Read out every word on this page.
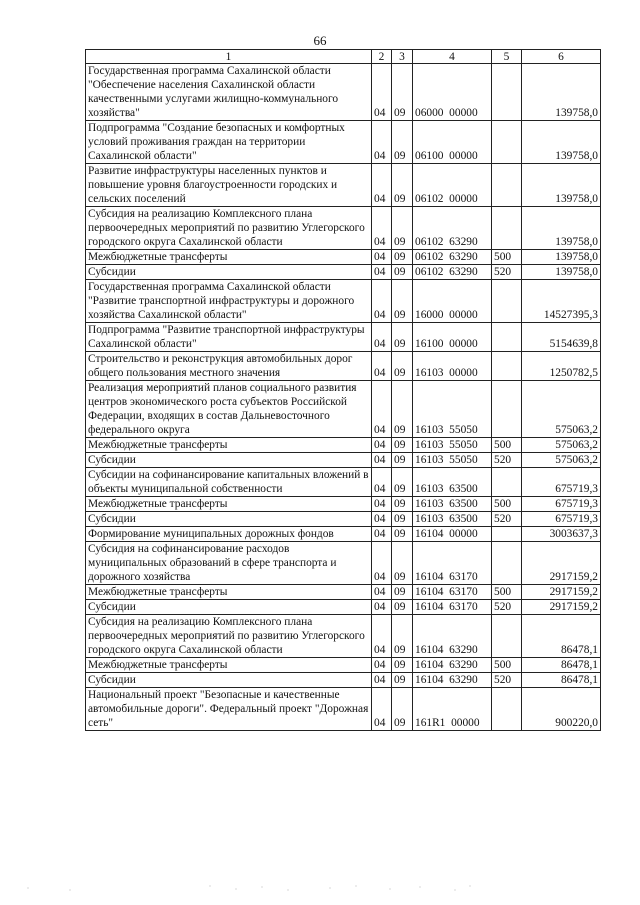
66
1	2	3	4	5	6
Государственная программа Сахалинской области "Обеспечение населения Сахалинской области качественными услугами жилищно-коммунального хозяйства"	04	09	06000  00000		139758,0
Подпрограмма "Создание безопасных и комфортных условий проживания граждан на территории Сахалинской области"	04	09	06100  00000		139758,0
Развитие инфраструктуры населенных пунктов и повышение уровня благоустроенности городских и сельских поселений	04	09	06102  00000		139758,0
Субсидия на реализацию Комплексного плана первоочередных мероприятий по развитию Углегорского городского округа Сахалинской области	04	09	06102  63290		139758,0
Межбюджетные трансферты	04	09	06102  63290	500	139758,0
Субсидии	04	09	06102  63290	520	139758,0
Государственная программа Сахалинской области "Развитие транспортной инфраструктуры и дорожного хозяйства Сахалинской области"	04	09	16000  00000		14527395,3
Подпрограмма "Развитие транспортной инфраструктуры Сахалинской области"	04	09	16100  00000		5154639,8
Строительство и реконструкция автомобильных дорог общего пользования местного значения	04	09	16103  00000		1250782,5
Реализация мероприятий планов социального развития центров экономического роста субъектов Российской Федерации, входящих в состав Дальневосточного федерального округа	04	09	16103  55050		575063,2
Межбюджетные трансферты	04	09	16103  55050	500	575063,2
Субсидии	04	09	16103  55050	520	575063,2
Субсидии на софинансирование капитальных вложений в объекты муниципальной собственности	04	09	16103  63500		675719,3
Межбюджетные трансферты	04	09	16103  63500	500	675719,3
Субсидии	04	09	16103  63500	520	675719,3
Формирование муниципальных дорожных фондов	04	09	16104  00000		3003637,3
Субсидия на софинансирование расходов муниципальных образований в сфере транспорта и дорожного хозяйства	04	09	16104  63170		2917159,2
Межбюджетные трансферты	04	09	16104  63170	500	2917159,2
Субсидии	04	09	16104  63170	520	2917159,2
Субсидия на реализацию Комплексного плана первоочередных мероприятий по развитию Углегорского городского округа Сахалинской области	04	09	16104  63290		86478,1
Межбюджетные трансферты	04	09	16104  63290	500	86478,1
Субсидии	04	09	16104  63290	520	86478,1
Национальный проект "Безопасные и качественные автомобильные дороги". Федеральный проект "Дорожная сеть"	04	09	161R1  00000		900220,0
